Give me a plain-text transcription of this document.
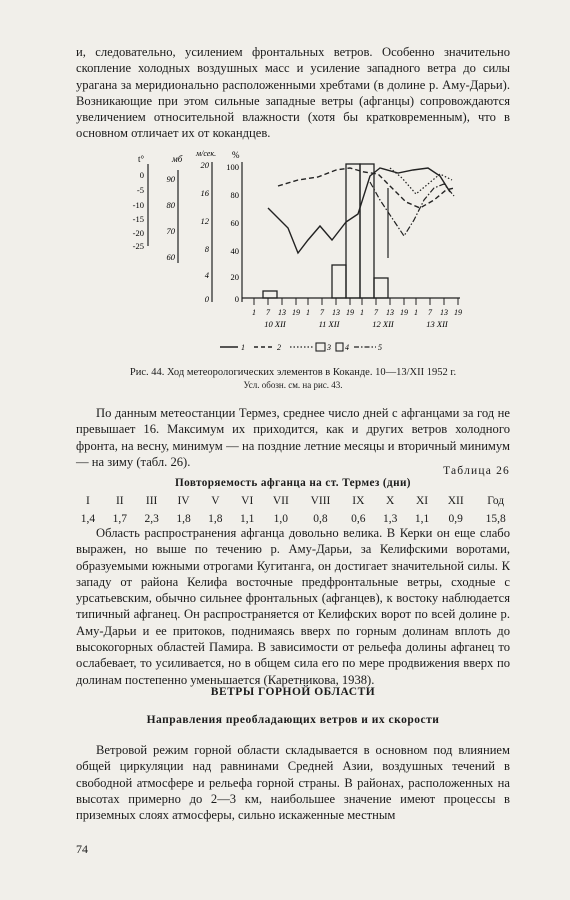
и, следовательно, усилением фронтальных ветров. Особенно значительно скопление холодных воздушных масс и усиление западного ветра до силы урагана за меридионально расположенными хребтами (в долине р. Аму-Дарьи). Возникающие при этом сильные западные ветры (афганцы) сопровождаются увеличением относительной влажности (хотя бы кратковременным), что в основном отличает их от кокандцев.

t°	мб
м/сек. %
0
-5
-10
-15
-20
-25
90
80
70
60
20
16
12
8
4
0
100
80
60
40
20
0
1 7 13 19 1 7 13 19 1 7 13 19 1 7 13 19
10 XII	11 XII	12 XII	13 XII
1	2	3 4	5
Рис. 44. Ход метеорологических элементов в Коканде. 10—13/XII 1952 г.
Усл. обозн. см. на рис. 43.

По данным метеостанции Термез, среднее число дней с афганцами за год не превышает 16. Максимум их приходится, как и других ветров холодного фронта, на весну, минимум — на поздние летние месяцы и вторичный минимум — на зиму (табл. 26).

Таблица 26
Повторяемость афганца на ст. Термез (дни)
I	II	III	IV	V	VI	VII	VIII	IX	X	XI	XII	Год
1,4	1,7	2,3	1,8	1,8	1,1	1,0	0,8	0,6	1,3	1,1	0,9	15,8

Область распространения афганца довольно велика. В Керки он еще слабо выражен, но выше по течению р. Аму-Дарьи, за Келифскими воротами, образуемыми южными отрогами Кугитанга, он достигает значительной силы. К западу от района Келифа восточные предфронтальные ветры, сходные с урсатьевским, обычно сильнее фронтальных (афганцев), к востоку наблюдается типичный афганец. Он распространяется от Келифских ворот по всей долине р. Аму-Дарьи и ее притоков, поднимаясь вверх по горным долинам вплоть до высокогорных областей Памира. В зависимости от рельефа долины афганец то ослабевает, то усиливается, но в общем сила его по мере продвижения вверх по долинам постепенно уменьшается (Каретникова, 1938).

ВЕТРЫ ГОРНОЙ ОБЛАСТИ
Направления преобладающих ветров и их скорости

Ветровой режим горной области складывается в основном под влиянием общей циркуляции над равнинами Средней Азии, воздушных течений в свободной атмосфере и рельефа горной страны. В районах, расположенных на высотах примерно до 2—3 км, наибольшее значение имеют процессы в приземных слоях атмосферы, сильно искаженные местным

74
